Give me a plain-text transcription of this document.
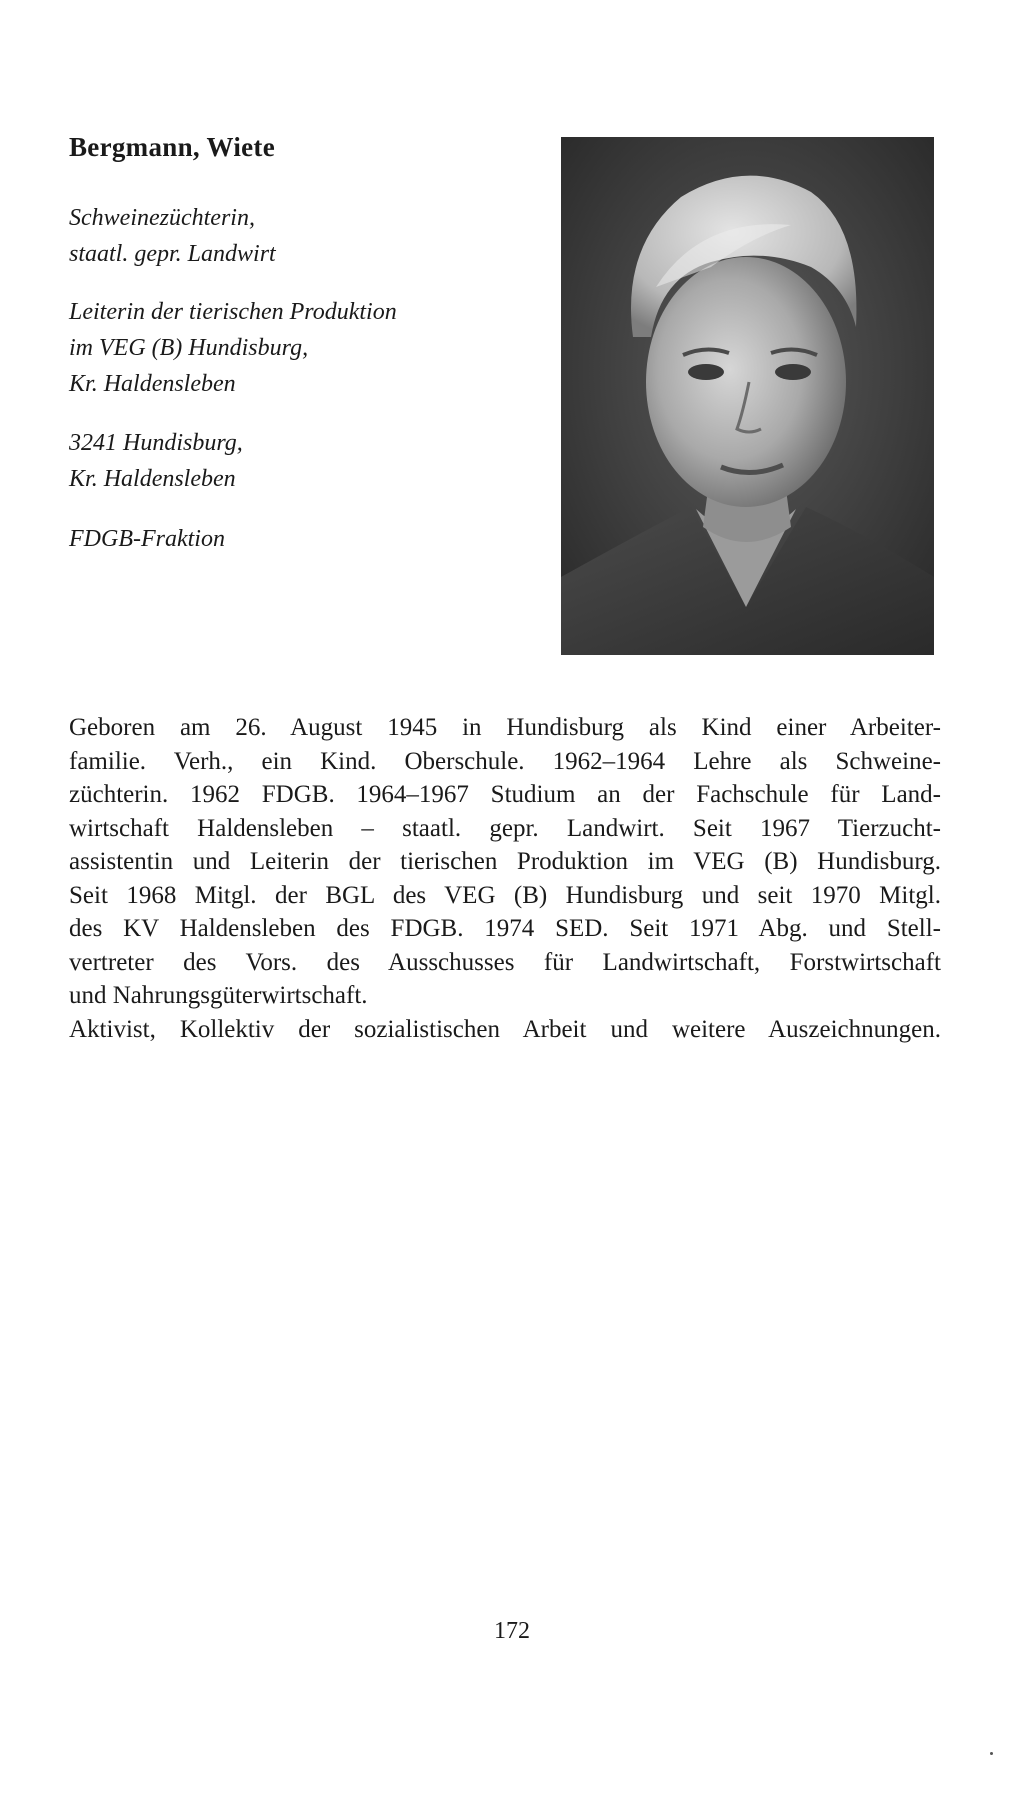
Bergmann, Wiete
Schweinezüchterin,
staatl. gepr. Landwirt
Leiterin der tierischen Produktion
im VEG (B) Hundisburg,
Kr. Haldensleben
3241 Hundisburg,
Kr. Haldensleben
FDGB-Fraktion
Geboren am 26. August 1945 in Hundisburg als Kind einer Arbeiter-
familie. Verh., ein Kind. Oberschule. 1962–1964 Lehre als Schweine-
züchterin. 1962 FDGB. 1964–1967 Studium an der Fachschule für Land-
wirtschaft Haldensleben – staatl. gepr. Landwirt. Seit 1967 Tierzucht-
assistentin und Leiterin der tierischen Produktion im VEG (B) Hundisburg.
Seit 1968 Mitgl. der BGL des VEG (B) Hundisburg und seit 1970 Mitgl.
des KV Haldensleben des FDGB. 1974 SED. Seit 1971 Abg. und Stell-
vertreter des Vors. des Ausschusses für Landwirtschaft, Forstwirtschaft
und Nahrungsgüterwirtschaft.
Aktivist, Kollektiv der sozialistischen Arbeit und weitere Auszeichnungen.
172
